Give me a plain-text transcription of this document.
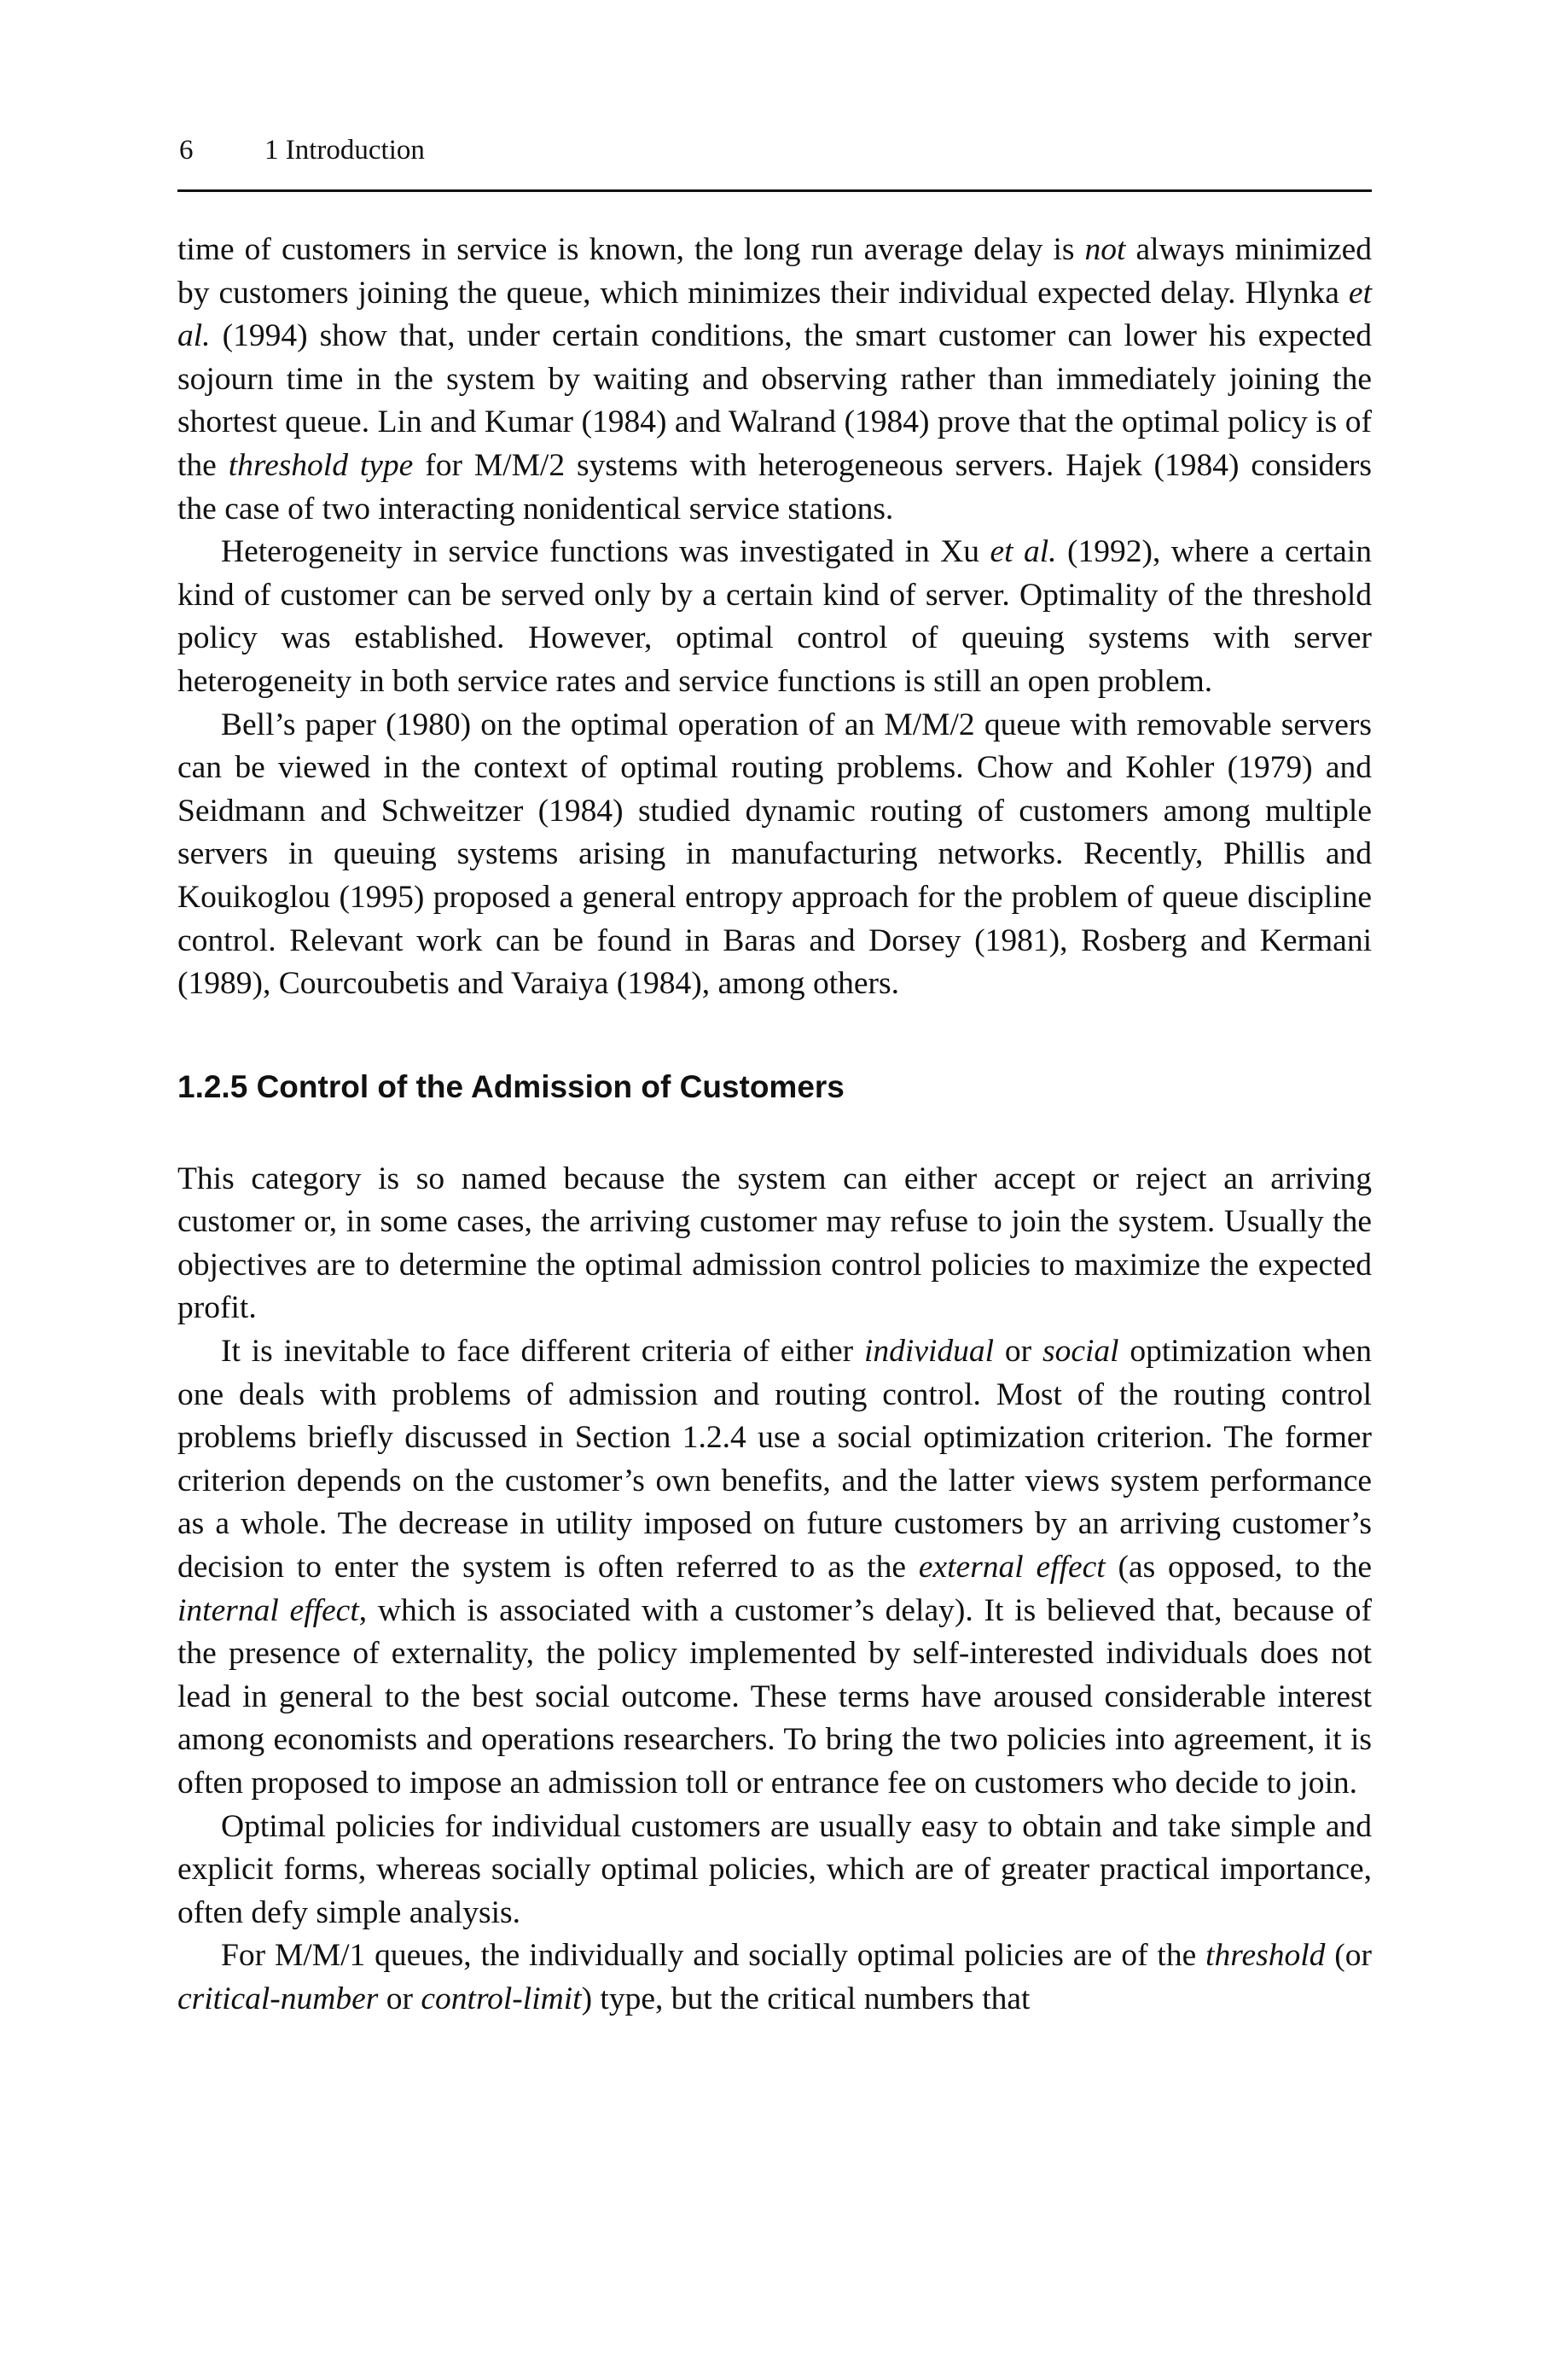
6	1 Introduction

time of customers in service is known, the long run average delay is not always minimized by customers joining the queue, which minimizes their individual expected delay. Hlynka et al. (1994) show that, under certain conditions, the smart customer can lower his expected sojourn time in the system by waiting and observing rather than immediately joining the shortest queue. Lin and Kumar (1984) and Walrand (1984) prove that the optimal policy is of the threshold type for M/M/2 systems with heterogeneous servers. Hajek (1984) considers the case of two interacting nonidentical service stations.

Heterogeneity in service functions was investigated in Xu et al. (1992), where a certain kind of customer can be served only by a certain kind of server. Optimality of the threshold policy was established. However, optimal control of queuing systems with server heterogeneity in both service rates and service functions is still an open problem.

Bell’s paper (1980) on the optimal operation of an M/M/2 queue with removable servers can be viewed in the context of optimal routing problems. Chow and Kohler (1979) and Seidmann and Schweitzer (1984) studied dynamic routing of customers among multiple servers in queuing systems arising in manufacturing networks. Recently, Phillis and Kouikoglou (1995) proposed a general entropy approach for the problem of queue discipline control. Relevant work can be found in Baras and Dorsey (1981), Rosberg and Kermani (1989), Courcoubetis and Varaiya (1984), among others.

1.2.5 Control of the Admission of Customers

This category is so named because the system can either accept or reject an arriving customer or, in some cases, the arriving customer may refuse to join the system. Usually the objectives are to determine the optimal admission control policies to maximize the expected profit.

It is inevitable to face different criteria of either individual or social optimization when one deals with problems of admission and routing control. Most of the routing control problems briefly discussed in Section 1.2.4 use a social optimization criterion. The former criterion depends on the customer’s own benefits, and the latter views system performance as a whole. The decrease in utility imposed on future customers by an arriving customer’s decision to enter the system is often referred to as the external effect (as opposed, to the internal effect, which is associated with a customer’s delay). It is believed that, because of the presence of externality, the policy implemented by self-interested individuals does not lead in general to the best social outcome. These terms have aroused considerable interest among economists and operations researchers. To bring the two policies into agreement, it is often proposed to impose an admission toll or entrance fee on customers who decide to join.

Optimal policies for individual customers are usually easy to obtain and take simple and explicit forms, whereas socially optimal policies, which are of greater practical importance, often defy simple analysis.

For M/M/1 queues, the individually and socially optimal policies are of the threshold (or critical-number or control-limit) type, but the critical numbers that
